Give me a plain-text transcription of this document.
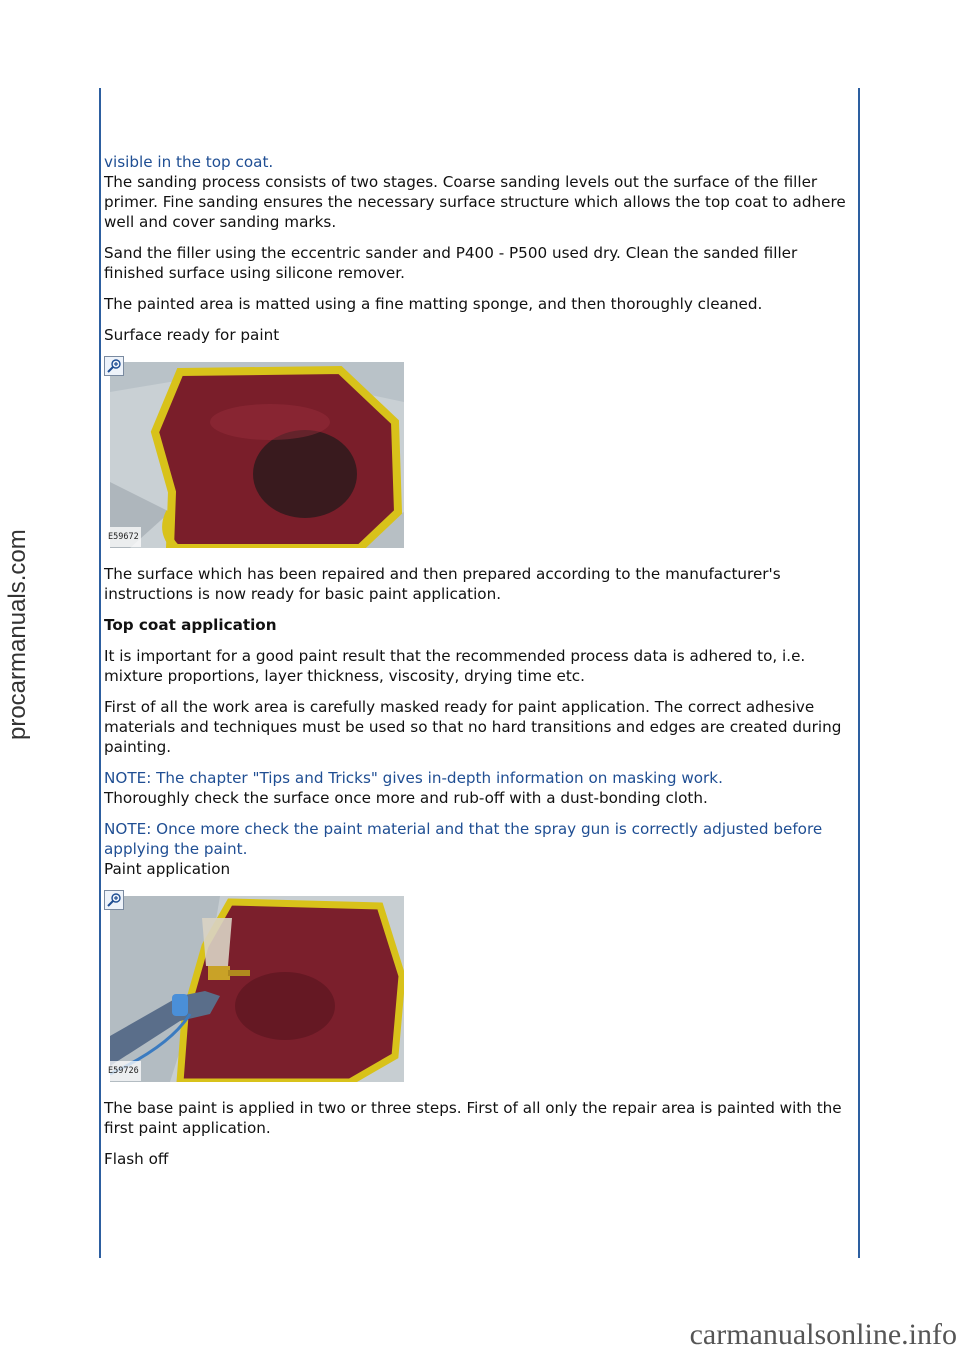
procarmanuals.com

visible in the top coat.

The sanding process consists of two stages. Coarse sanding levels out the surface of the filler primer. Fine sanding ensures the necessary surface structure which allows the top coat to adhere well and cover sanding marks.

Sand the filler using the eccentric sander and P400 - P500 used dry. Clean the sanded filler finished surface using silicone remover.

The painted area is matted using a fine matting sponge, and then thoroughly cleaned.

Surface ready for paint

E59672

The surface which has been repaired and then prepared according to the manufacturer's instructions is now ready for basic paint application.

Top coat application

It is important for a good paint result that the recommended process data is adhered to, i.e. mixture proportions, layer thickness, viscosity, drying time etc.

First of all the work area is carefully masked ready for paint application. The correct adhesive materials and techniques must be used so that no hard transitions and edges are created during painting.

NOTE: The chapter "Tips and Tricks" gives in-depth information on masking work.

Thoroughly check the surface once more and rub-off with a dust-bonding cloth.

NOTE: Once more check the paint material and that the spray gun is correctly adjusted before applying the paint.

Paint application

E59726

The base paint is applied in two or three steps. First of all only the repair area is painted with the first paint application.

Flash off

carmanualsonline.info
